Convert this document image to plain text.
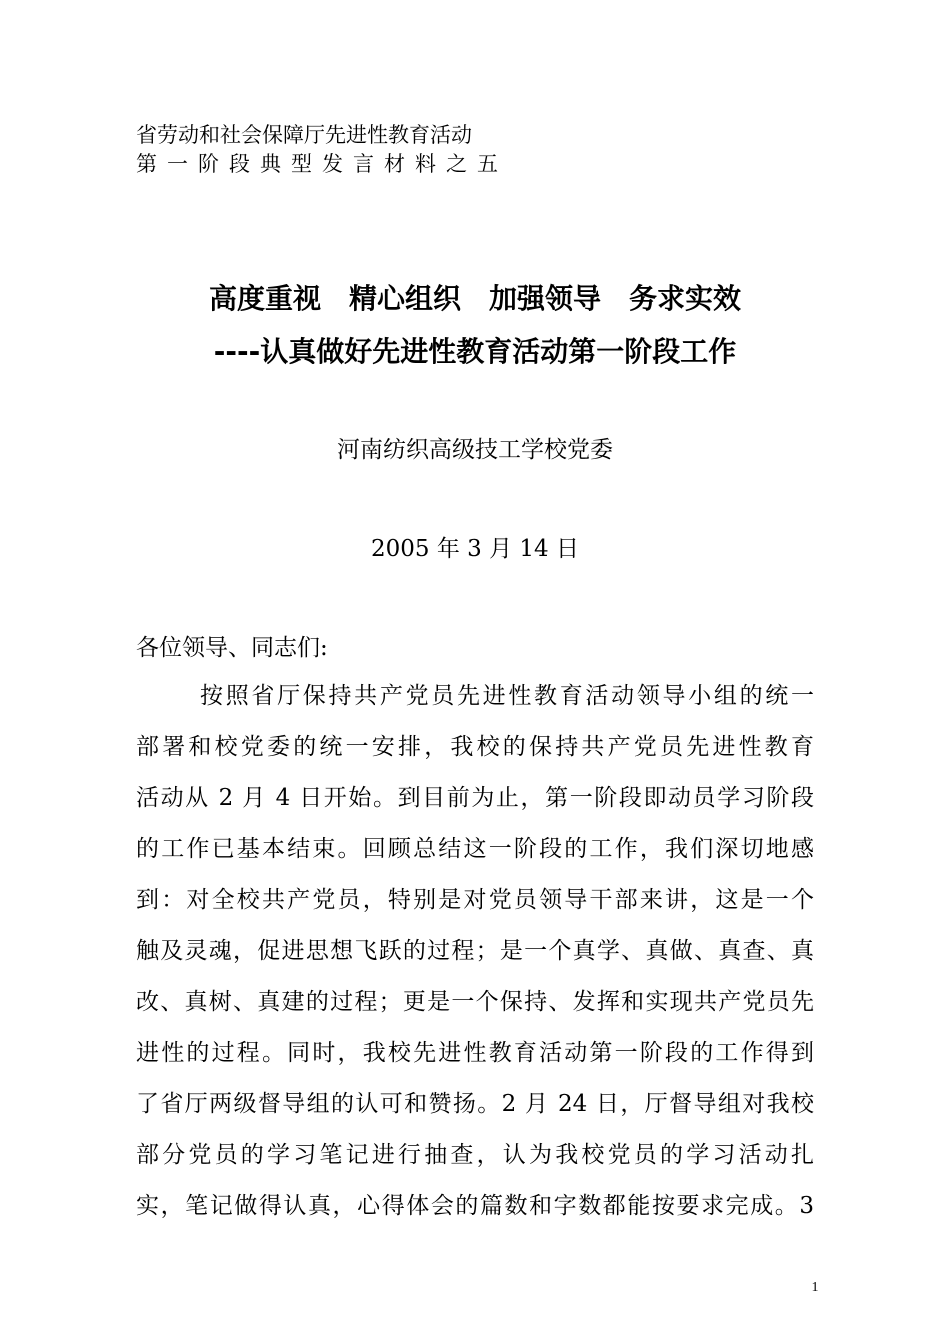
省劳动和社会保障厅先进性教育活动
第一阶段典型发言材料之五
高度重视　精心组织　加强领导　务求实效
----认真做好先进性教育活动第一阶段工作
河南纺织高级技工学校党委
2005 年 3 月 14 日
各位领导、同志们:
按照省厅保持共产党员先进性教育活动领导小组的统一
部署和校党委的统一安排，我校的保持共产党员先进性教育
活动从 2 月 4 日开始。到目前为止，第一阶段即动员学习阶段
的工作已基本结束。回顾总结这一阶段的工作，我们深切地感
到：对全校共产党员，特别是对党员领导干部来讲，这是一个
触及灵魂，促进思想飞跃的过程；是一个真学、真做、真查、真
改、真树、真建的过程；更是一个保持、发挥和实现共产党员先
进性的过程。同时，我校先进性教育活动第一阶段的工作得到
了省厅两级督导组的认可和赞扬。2 月 24 日，厅督导组对我校
部分党员的学习笔记进行抽查，认为我校党员的学习活动扎
实，笔记做得认真，心得体会的篇数和字数都能按要求完成。3
1
